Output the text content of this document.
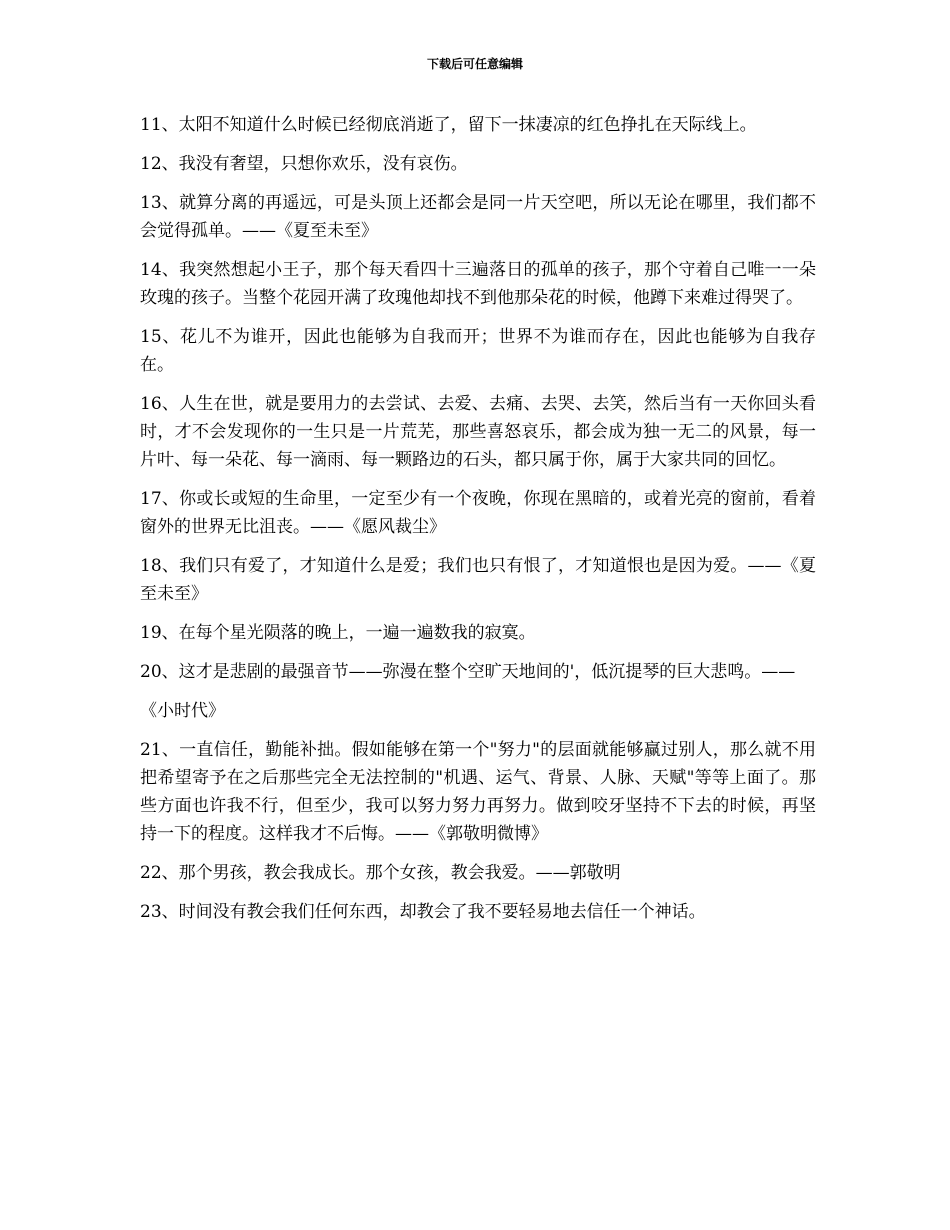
下载后可任意编辑

11、太阳不知道什么时候已经彻底消逝了，留下一抹凄凉的红色挣扎在天际线上。

12、我没有奢望，只想你欢乐，没有哀伤。

13、就算分离的再遥远，可是头顶上还都会是同一片天空吧，所以无论在哪里，我们都不会觉得孤单。——《夏至未至》

14、我突然想起小王子，那个每天看四十三遍落日的孤单的孩子，那个守着自己唯一一朵玫瑰的孩子。当整个花园开满了玫瑰他却找不到他那朵花的时候，他蹲下来难过得哭了。

15、花儿不为谁开，因此也能够为自我而开；世界不为谁而存在，因此也能够为自我存在。

16、人生在世，就是要用力的去尝试、去爱、去痛、去哭、去笑，然后当有一天你回头看时，才不会发现你的一生只是一片荒芜，那些喜怒哀乐，都会成为独一无二的风景，每一片叶、每一朵花、每一滴雨、每一颗路边的石头，都只属于你，属于大家共同的回忆。

17、你或长或短的生命里，一定至少有一个夜晚，你现在黑暗的，或着光亮的窗前，看着窗外的世界无比沮丧。——《愿风裁尘》

18、我们只有爱了，才知道什么是爱；我们也只有恨了，才知道恨也是因为爱。——《夏至未至》

19、在每个星光陨落的晚上，一遍一遍数我的寂寞。

20、这才是悲剧的最强音节——弥漫在整个空旷天地间的'，低沉提琴的巨大悲鸣。——

《小时代》

21、一直信任，勤能补拙。假如能够在第一个"努力"的层面就能够赢过别人，那么就不用把希望寄予在之后那些完全无法控制的"机遇、运气、背景、人脉、天赋"等等上面了。那些方面也许我不行，但至少，我可以努力努力再努力。做到咬牙坚持不下去的时候，再坚持一下的程度。这样我才不后悔。——《郭敬明微博》

22、那个男孩，教会我成长。那个女孩，教会我爱。——郭敬明

23、时间没有教会我们任何东西，却教会了我不要轻易地去信任一个神话。
